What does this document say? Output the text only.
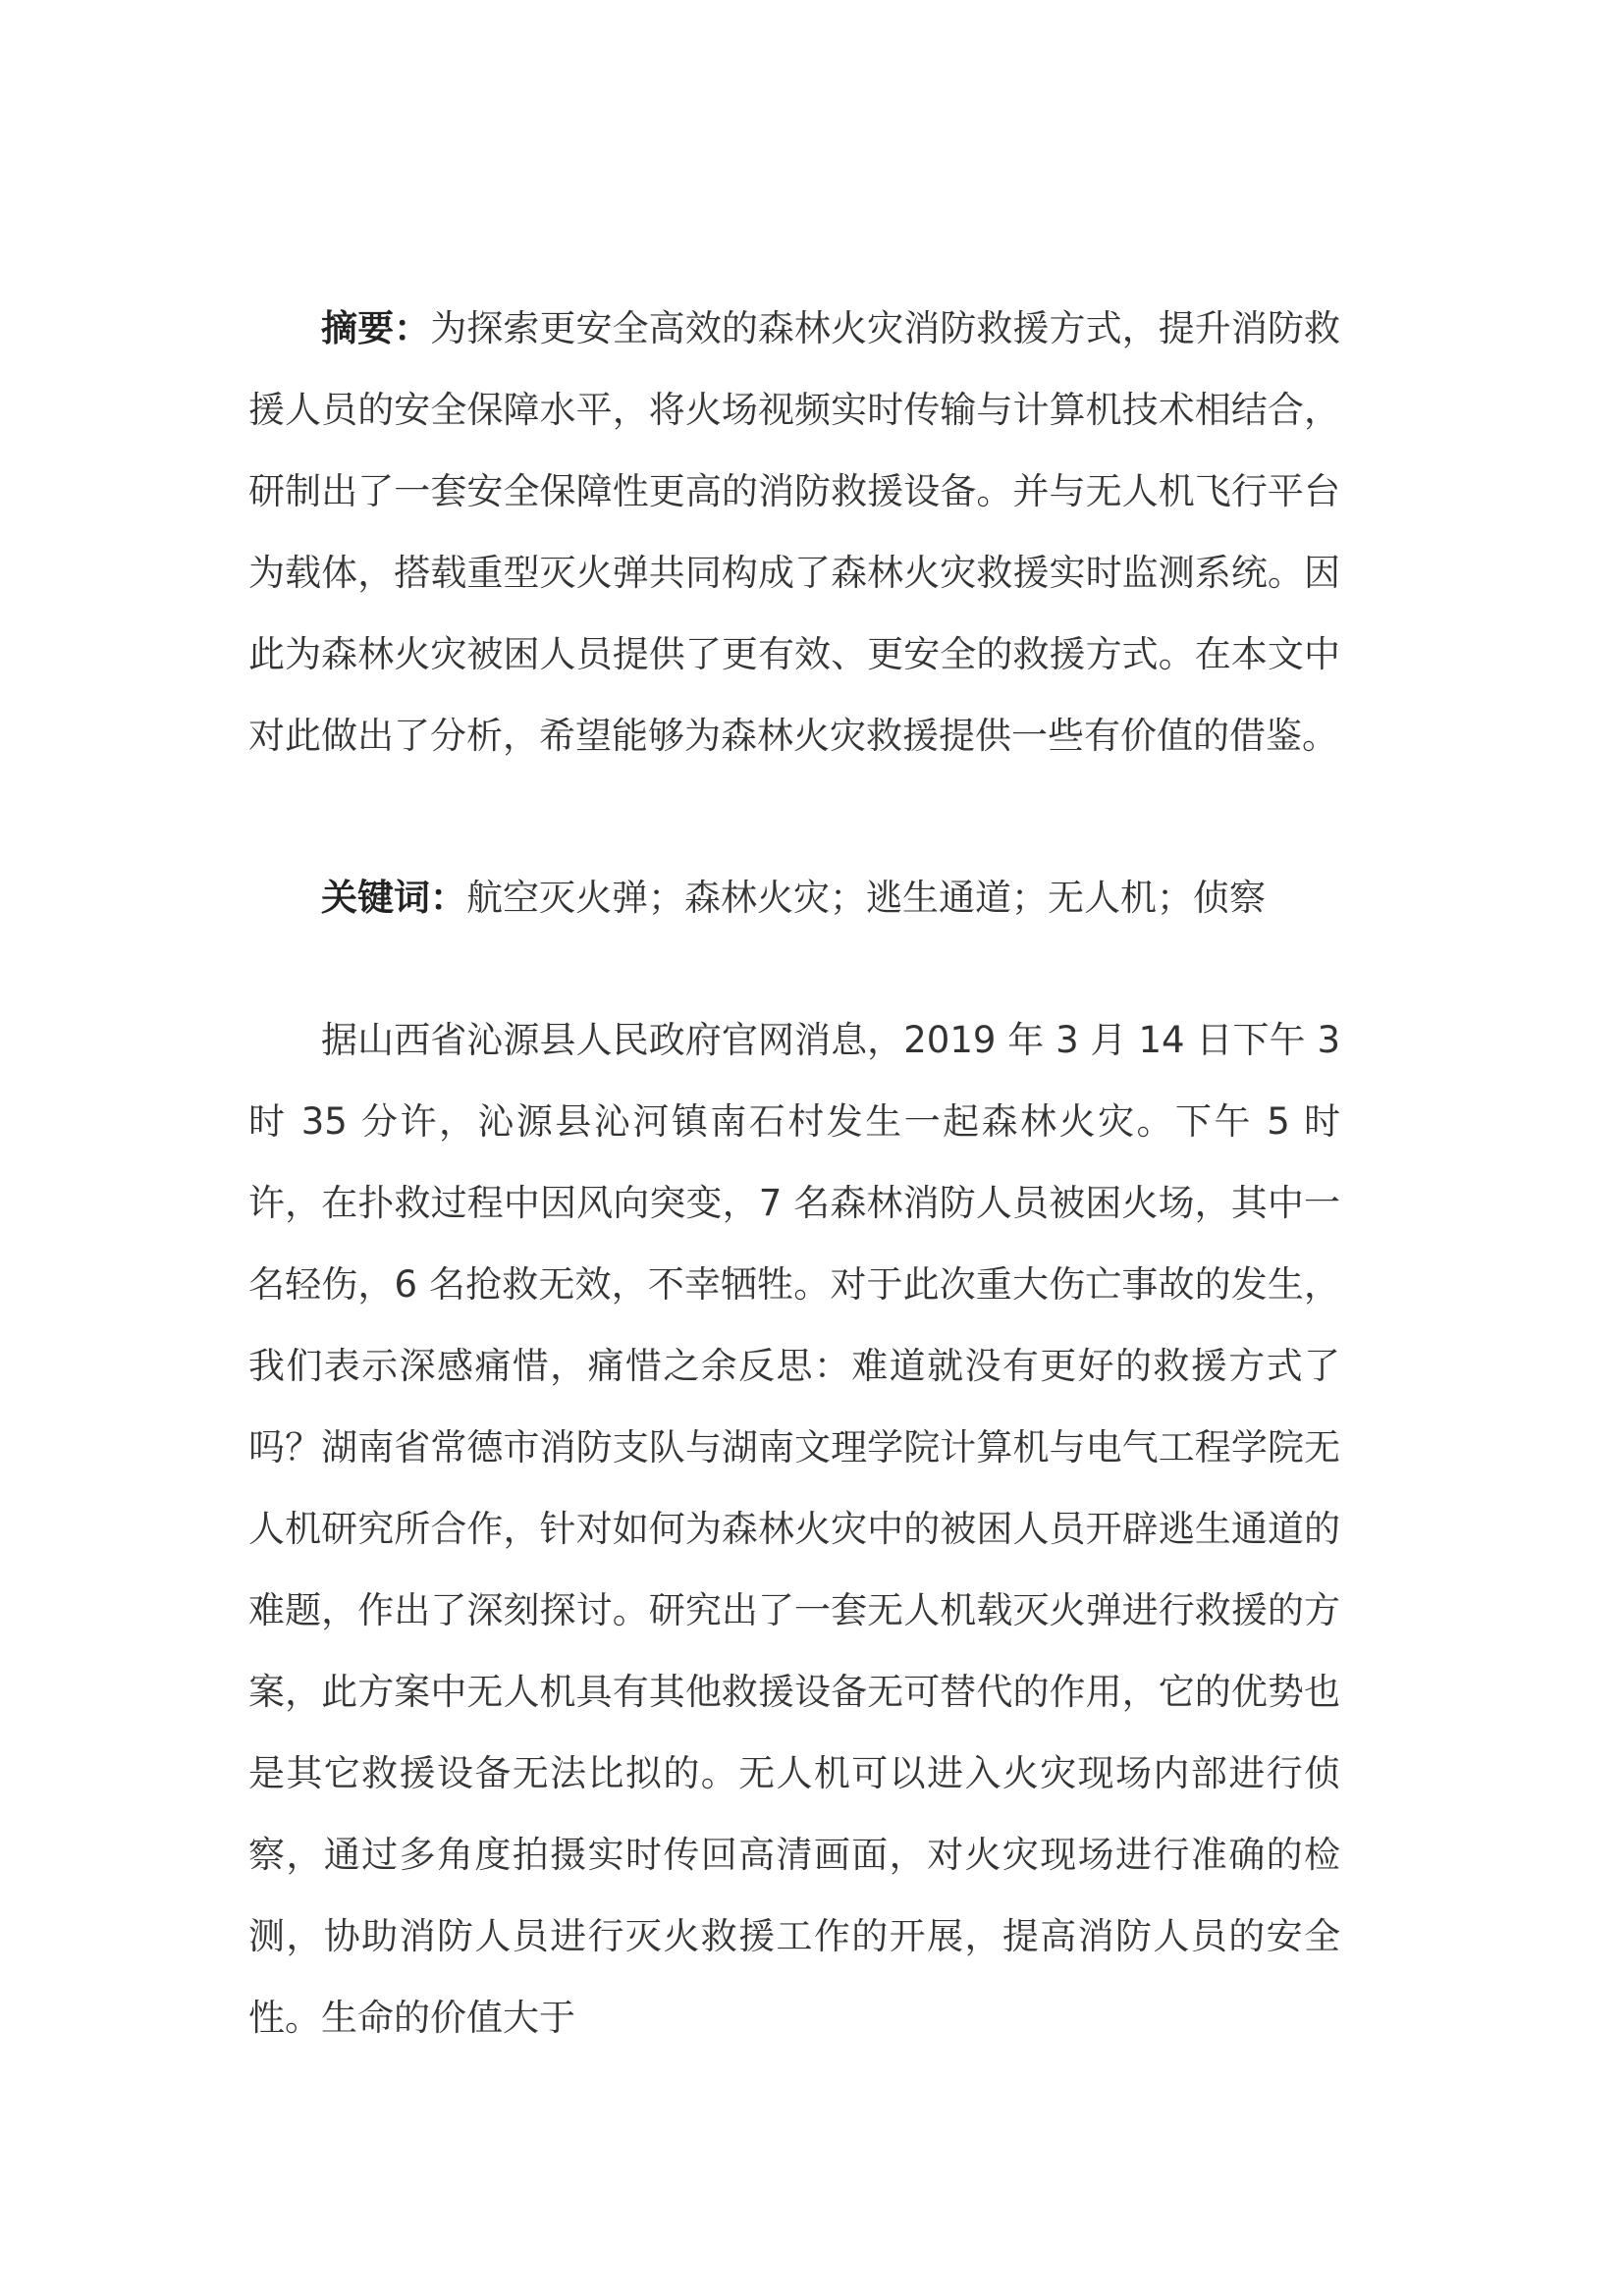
摘要：为探索更安全高效的森林火灾消防救援方式，提升消防救援人员的安全保障水平，将火场视频实时传输与计算机技术相结合，研制出了一套安全保障性更高的消防救援设备。并与无人机飞行平台为载体，搭载重型灭火弹共同构成了森林火灾救援实时监测系统。因此为森林火灾被困人员提供了更有效、更安全的救援方式。在本文中对此做出了分析，希望能够为森林火灾救援提供一些有价值的借鉴。

关键词：航空灭火弹；森林火灾；逃生通道；无人机；侦察

据山西省沁源县人民政府官网消息，2019 年 3 月 14 日下午 3 时 35 分许，沁源县沁河镇南石村发生一起森林火灾。下午 5 时许，在扑救过程中因风向突变，7 名森林消防人员被困火场，其中一名轻伤，6 名抢救无效，不幸牺牲。对于此次重大伤亡事故的发生，我们表示深感痛惜，痛惜之余反思：难道就没有更好的救援方式了吗？湖南省常德市消防支队与湖南文理学院计算机与电气工程学院无人机研究所合作，针对如何为森林火灾中的被困人员开辟逃生通道的难题，作出了深刻探讨。研究出了一套无人机载灭火弹进行救援的方案，此方案中无人机具有其他救援设备无可替代的作用，它的优势也是其它救援设备无法比拟的。无人机可以进入火灾现场内部进行侦察，通过多角度拍摄实时传回高清画面，对火灾现场进行准确的检测，协助消防人员进行灭火救援工作的开展，提高消防人员的安全性。生命的价值大于
